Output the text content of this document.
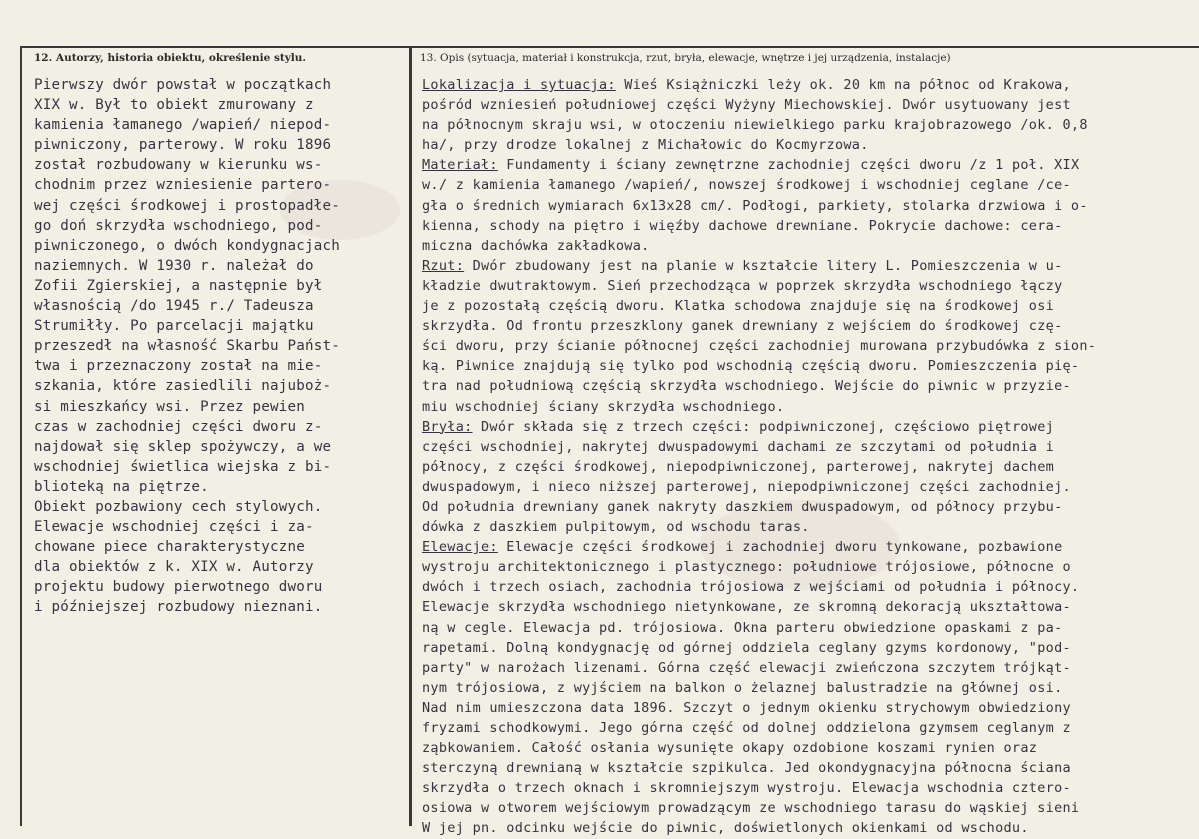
12. Autorzy, historia obiektu, określenie stylu.	13. Opis (sytuacja, materiał i konstrukcja, rzut, bryła, elewacje, wnętrze i jej urządzenia, instalacje)
Pierwszy dwór powstał w początkach
XIX w. Był to obiekt zmurowany z
kamienia łamanego /wapień/ niepod-
piwniczony, parterowy. W roku 1896
został rozbudowany w kierunku ws-
chodnim przez wzniesienie partero-
wej części środkowej i prostopadłe-
go doń skrzydła wschodniego, pod-
piwniczonego, o dwóch kondygnacjach
naziemnych. W 1930 r. należał do
Zofii Zgierskiej, a następnie był
własnością /do 1945 r./ Tadeusza
Strumiłły. Po parcelacji majątku
przeszedł na własność Skarbu Państ-
twa i przeznaczony został na mie-
szkania, które zasiedlili najuboż-
si mieszkańcy wsi. Przez pewien
czas w zachodniej części dworu z-
najdował się sklep spożywczy, a we
wschodniej świetlica wiejska z bi-
blioteką na piętrze.
Obiekt pozbawiony cech stylowych.
Elewacje wschodniej części i za-
chowane piece charakterystyczne
dla obiektów z k. XIX w. Autorzy
projektu budowy pierwotnego dworu
i późniejszej rozbudowy nieznani.
Lokalizacja i sytuacja: Wieś Książniczki leży ok. 20 km na północ od Krakowa,
pośród wzniesień południowej części Wyżyny Miechowskiej. Dwór usytuowany jest
na północnym skraju wsi, w otoczeniu niewielkiego parku krajobrazowego /ok. 0,8
ha/, przy drodze lokalnej z Michałowic do Kocmyrzowa.
Materiał: Fundamenty i ściany zewnętrzne zachodniej części dworu /z 1 poł. XIX
w./ z kamienia łamanego /wapień/, nowszej środkowej i wschodniej ceglane /ce-
gła o średnich wymiarach 6x13x28 cm/. Podłogi, parkiety, stolarka drzwiowa i o-
kienna, schody na piętro i więźby dachowe drewniane. Pokrycie dachowe: cera-
miczna dachówka zakładkowa.
Rzut: Dwór zbudowany jest na planie w kształcie litery L. Pomieszczenia w u-
kładzie dwutraktowym. Sień przechodząca w poprzek skrzydła wschodniego łączy
je z pozostałą częścią dworu. Klatka schodowa znajduje się na środkowej osi
skrzydła. Od frontu przeszklony ganek drewniany z wejściem do środkowej czę-
ści dworu, przy ścianie północnej części zachodniej murowana przybudówka z sion-
ką. Piwnice znajdują się tylko pod wschodnią częścią dworu. Pomieszczenia pię-
tra nad południową częścią skrzydła wschodniego. Wejście do piwnic w przyzie-
miu wschodniej ściany skrzydła wschodniego.
Bryła: Dwór składa się z trzech części: podpiwniczonej, częściowo piętrowej
części wschodniej, nakrytej dwuspadowymi dachami ze szczytami od południa i
północy, z części środkowej, niepodpiwniczonej, parterowej, nakrytej dachem
dwuspadowym, i nieco niższej parterowej, niepodpiwniczonej części zachodniej.
Od południa drewniany ganek nakryty daszkiem dwuspadowym, od północy przybu-
dówka z daszkiem pulpitowym, od wschodu taras.
Elewacje: Elewacje części środkowej i zachodniej dworu tynkowane, pozbawione
wystroju architektonicznego i plastycznego: południowe trójosiowe, północne o
dwóch i trzech osiach, zachodnia trójosiowa z wejściami od południa i północy.
Elewacje skrzydła wschodniego nietynkowane, ze skromną dekoracją ukształtowa-
ną w cegle. Elewacja pd. trójosiowa. Okna parteru obwiedzione opaskami z pa-
rapetami. Dolną kondygnację od górnej oddziela ceglany gzyms kordonowy, "pod-
party" w narożach lizenami. Górna część elewacji zwieńczona szczytem trójkąt-
nym trójosiowa, z wyjściem na balkon o żelaznej balustradzie na głównej osi.
Nad nim umieszczona data 1896. Szczyt o jednym okienku strychowym obwiedziony
fryzami schodkowymi. Jego górna część od dolnej oddzielona gzymsem ceglanym z
ząbkowaniem. Całość osłania wysunięte okapy ozdobione koszami rynien oraz
sterczyną drewnianą w kształcie szpikulca. Jed okondygnacyjna północna ściana
skrzydła o trzech oknach i skromniejszym wystroju. Elewacja wschodnia cztero-
osiowa w otworem wejściowym prowadzącym ze wschodniego tarasu do wąskiej sieni
W jej pn. odcinku wejście do piwnic, doświetlonych okienkami od wschodu.
